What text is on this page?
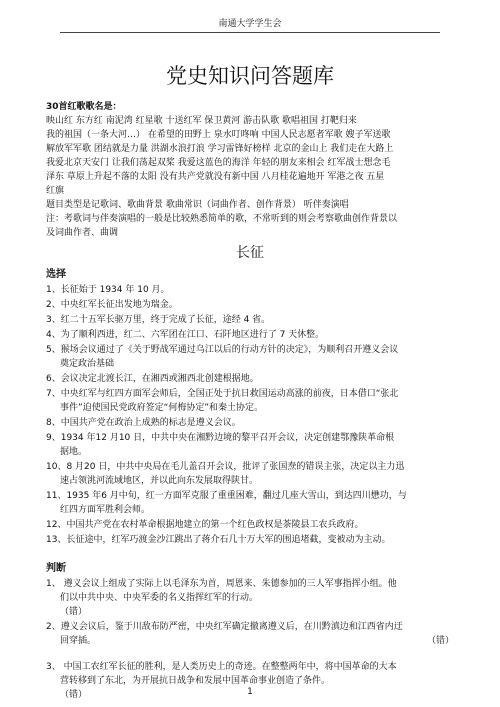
南通大学学生会
党史知识问答题库
30首红歌歌名是：
映山红 东方红 南泥湾 红星歌 十送红军 保卫黄河 游击队歌 歌唱祖国 打靶归来
我的祖国（一条大河…） 在希望的田野上 泉水叮咚响 中国人民志愿者军歌 嫂子军送歌
解放军军歌 团结就是力量 洪湖水浪打浪 学习雷锋好榜样 北京的金山上 我们走在大路上
我爱北京天安门 让我们荡起双桨 我爱这蓝色的海洋 年轻的朋友来相会 红军战士想念毛
泽东 草原上升起不落的太阳 没有共产党就没有新中国 八月桂花遍地开 军港之夜 五星
红旗
题目类型是记歌词、歌曲背景 歌曲常识（词曲作者、创作背景） 听伴奏演唱
注：考歌词与伴奏演唱的一般是比较熟悉简单的歌，不常听到的则会考察歌曲创作背景以
及词曲作者、曲调
长征
选择
1、长征始于 1934 年 10 月。
2、中央红军长征出发地为瑞金。
3、红二十五军长驱万里，终于完成了长征，途经 4 省。
4、为了顺利西进，红二、六军团在江口、石阡地区进行了 7 天休整。
5、猴场会议通过了《关于野战军通过乌江以后的行动方针的决定》，为顺利召开遵义会议
奠定政治基础
6、会议决定北渡长江，在湘西或湘西北创建根据地。
7、中央红军与红四方面军会师后，全国正处于抗日救国运动高涨的前夜，日本借口“张北
事件”迫使国民党政府签定“何梅协定”和秦土协定。
8、中国共产党在政治上成熟的标志是遵义会议。
9、1934 年12 月10 日，中共中央在湘黔边境的黎平召开会议，决定创建鄂豫陕革命根
据地。
10、8 月20 日，中共中央局在毛儿盖召开会议，批评了张国焘的错误主张，决定以主力迅
速占领洮河流域地区，并以此向东发展取得陕甘。
11、1935 年6 月中旬，红一方面军克服了重重困难，翻过几座大雪山，到达四川懋功，与
红四方面军胜利会师。
12、中国共产党在农村革命根据地建立的第一个红色政权是茶陵县工农兵政府。
13、长征途中，红军巧渡金沙江跳出了蒋介石几十万大军的围追堵截，变被动为主动。
判断
1、 遵义会议上组成了实际上以毛泽东为首，周恩来、朱德参加的三人军事指挥小组。他
们以中共中央、中央军委的名义指挥红军的行动。
（错）
2、遵义会议后，鉴于川敌布防严密，中央红军确定撤离遵义后，在川黔滇边和江西省内迂
回穿插。	（错）
3、 中国工农红军长征的胜利，是人类历史上的奇迹。在整整两年中，将中国革命的大本
营转移到了东北，为开展抗日战争和发展中国革命事业创造了条件。
（错）	1
